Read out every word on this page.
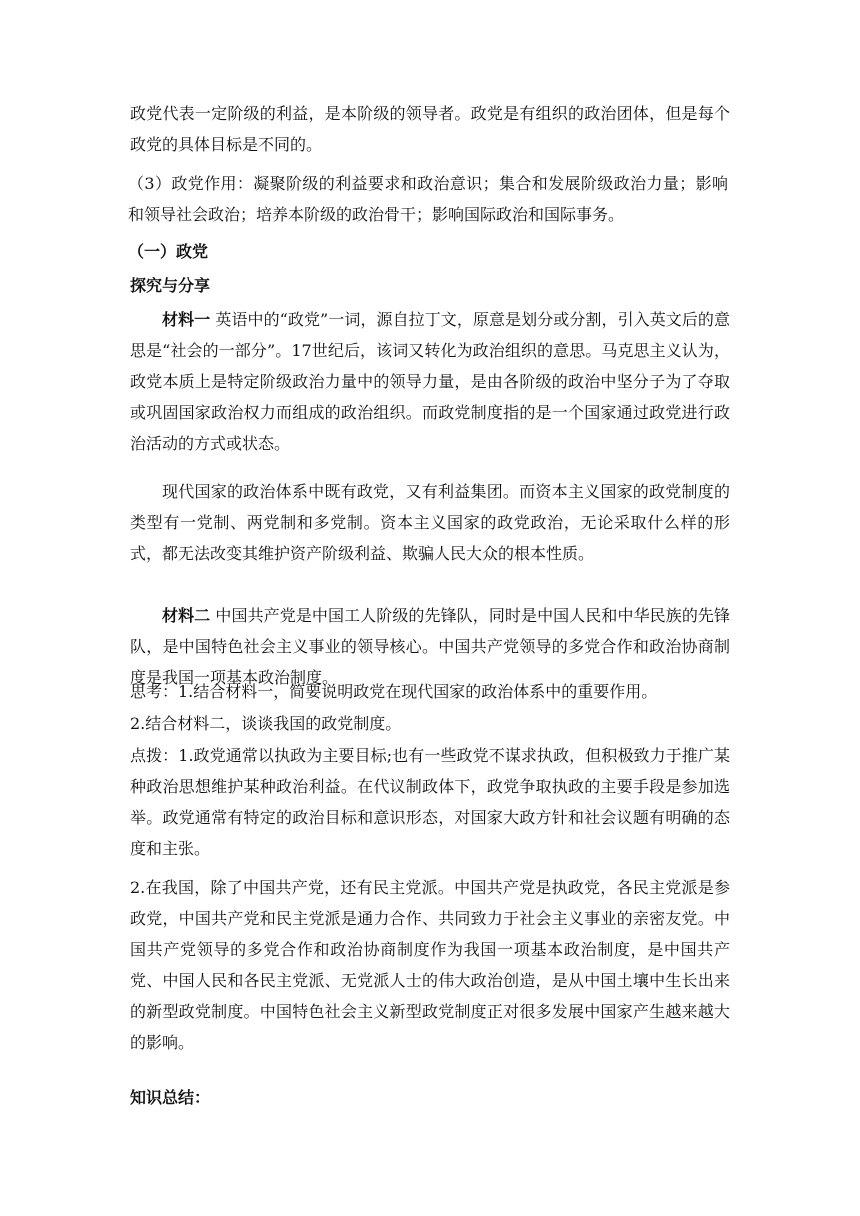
政党代表一定阶级的利益，是本阶级的领导者。政党是有组织的政治团体，但是每个政党的具体目标是不同的。

（3）政党作用：凝聚阶级的利益要求和政治意识；集合和发展阶级政治力量；影响和领导社会政治；培养本阶级的政治骨干；影响国际政治和国际事务。

（一）政党

探究与分享

材料一 英语中的“政党”一词，源自拉丁文，原意是划分或分割，引入英文后的意思是“社会的一部分”。17世纪后，该词又转化为政治组织的意思。马克思主义认为，政党本质上是特定阶级政治力量中的领导力量，是由各阶级的政治中坚分子为了夺取或巩固国家政治权力而组成的政治组织。而政党制度指的是一个国家通过政党进行政治活动的方式或状态。

现代国家的政治体系中既有政党，又有利益集团。而资本主义国家的政党制度的类型有一党制、两党制和多党制。资本主义国家的政党政治，无论采取什么样的形式，都无法改变其维护资产阶级利益、欺骗人民大众的根本性质。

材料二 中国共产党是中国工人阶级的先锋队，同时是中国人民和中华民族的先锋队，是中国特色社会主义事业的领导核心。中国共产党领导的多党合作和政治协商制度是我国一项基本政治制度。

思考：1.结合材料一，简要说明政党在现代国家的政治体系中的重要作用。

2.结合材料二，谈谈我国的政党制度。

点拨：1.政党通常以执政为主要目标;也有一些政党不谋求执政，但积极致力于推广某种政治思想维护某种政治利益。在代议制政体下，政党争取执政的主要手段是参加选举。政党通常有特定的政治目标和意识形态，对国家大政方针和社会议题有明确的态度和主张。

2.在我国，除了中国共产党，还有民主党派。中国共产党是执政党，各民主党派是参政党，中国共产党和民主党派是通力合作、共同致力于社会主义事业的亲密友党。中国共产党领导的多党合作和政治协商制度作为我国一项基本政治制度，是中国共产党、中国人民和各民主党派、无党派人士的伟大政治创造，是从中国土壤中生长出来的新型政党制度。中国特色社会主义新型政党制度正对很多发展中国家产生越来越大的影响。

知识总结：
